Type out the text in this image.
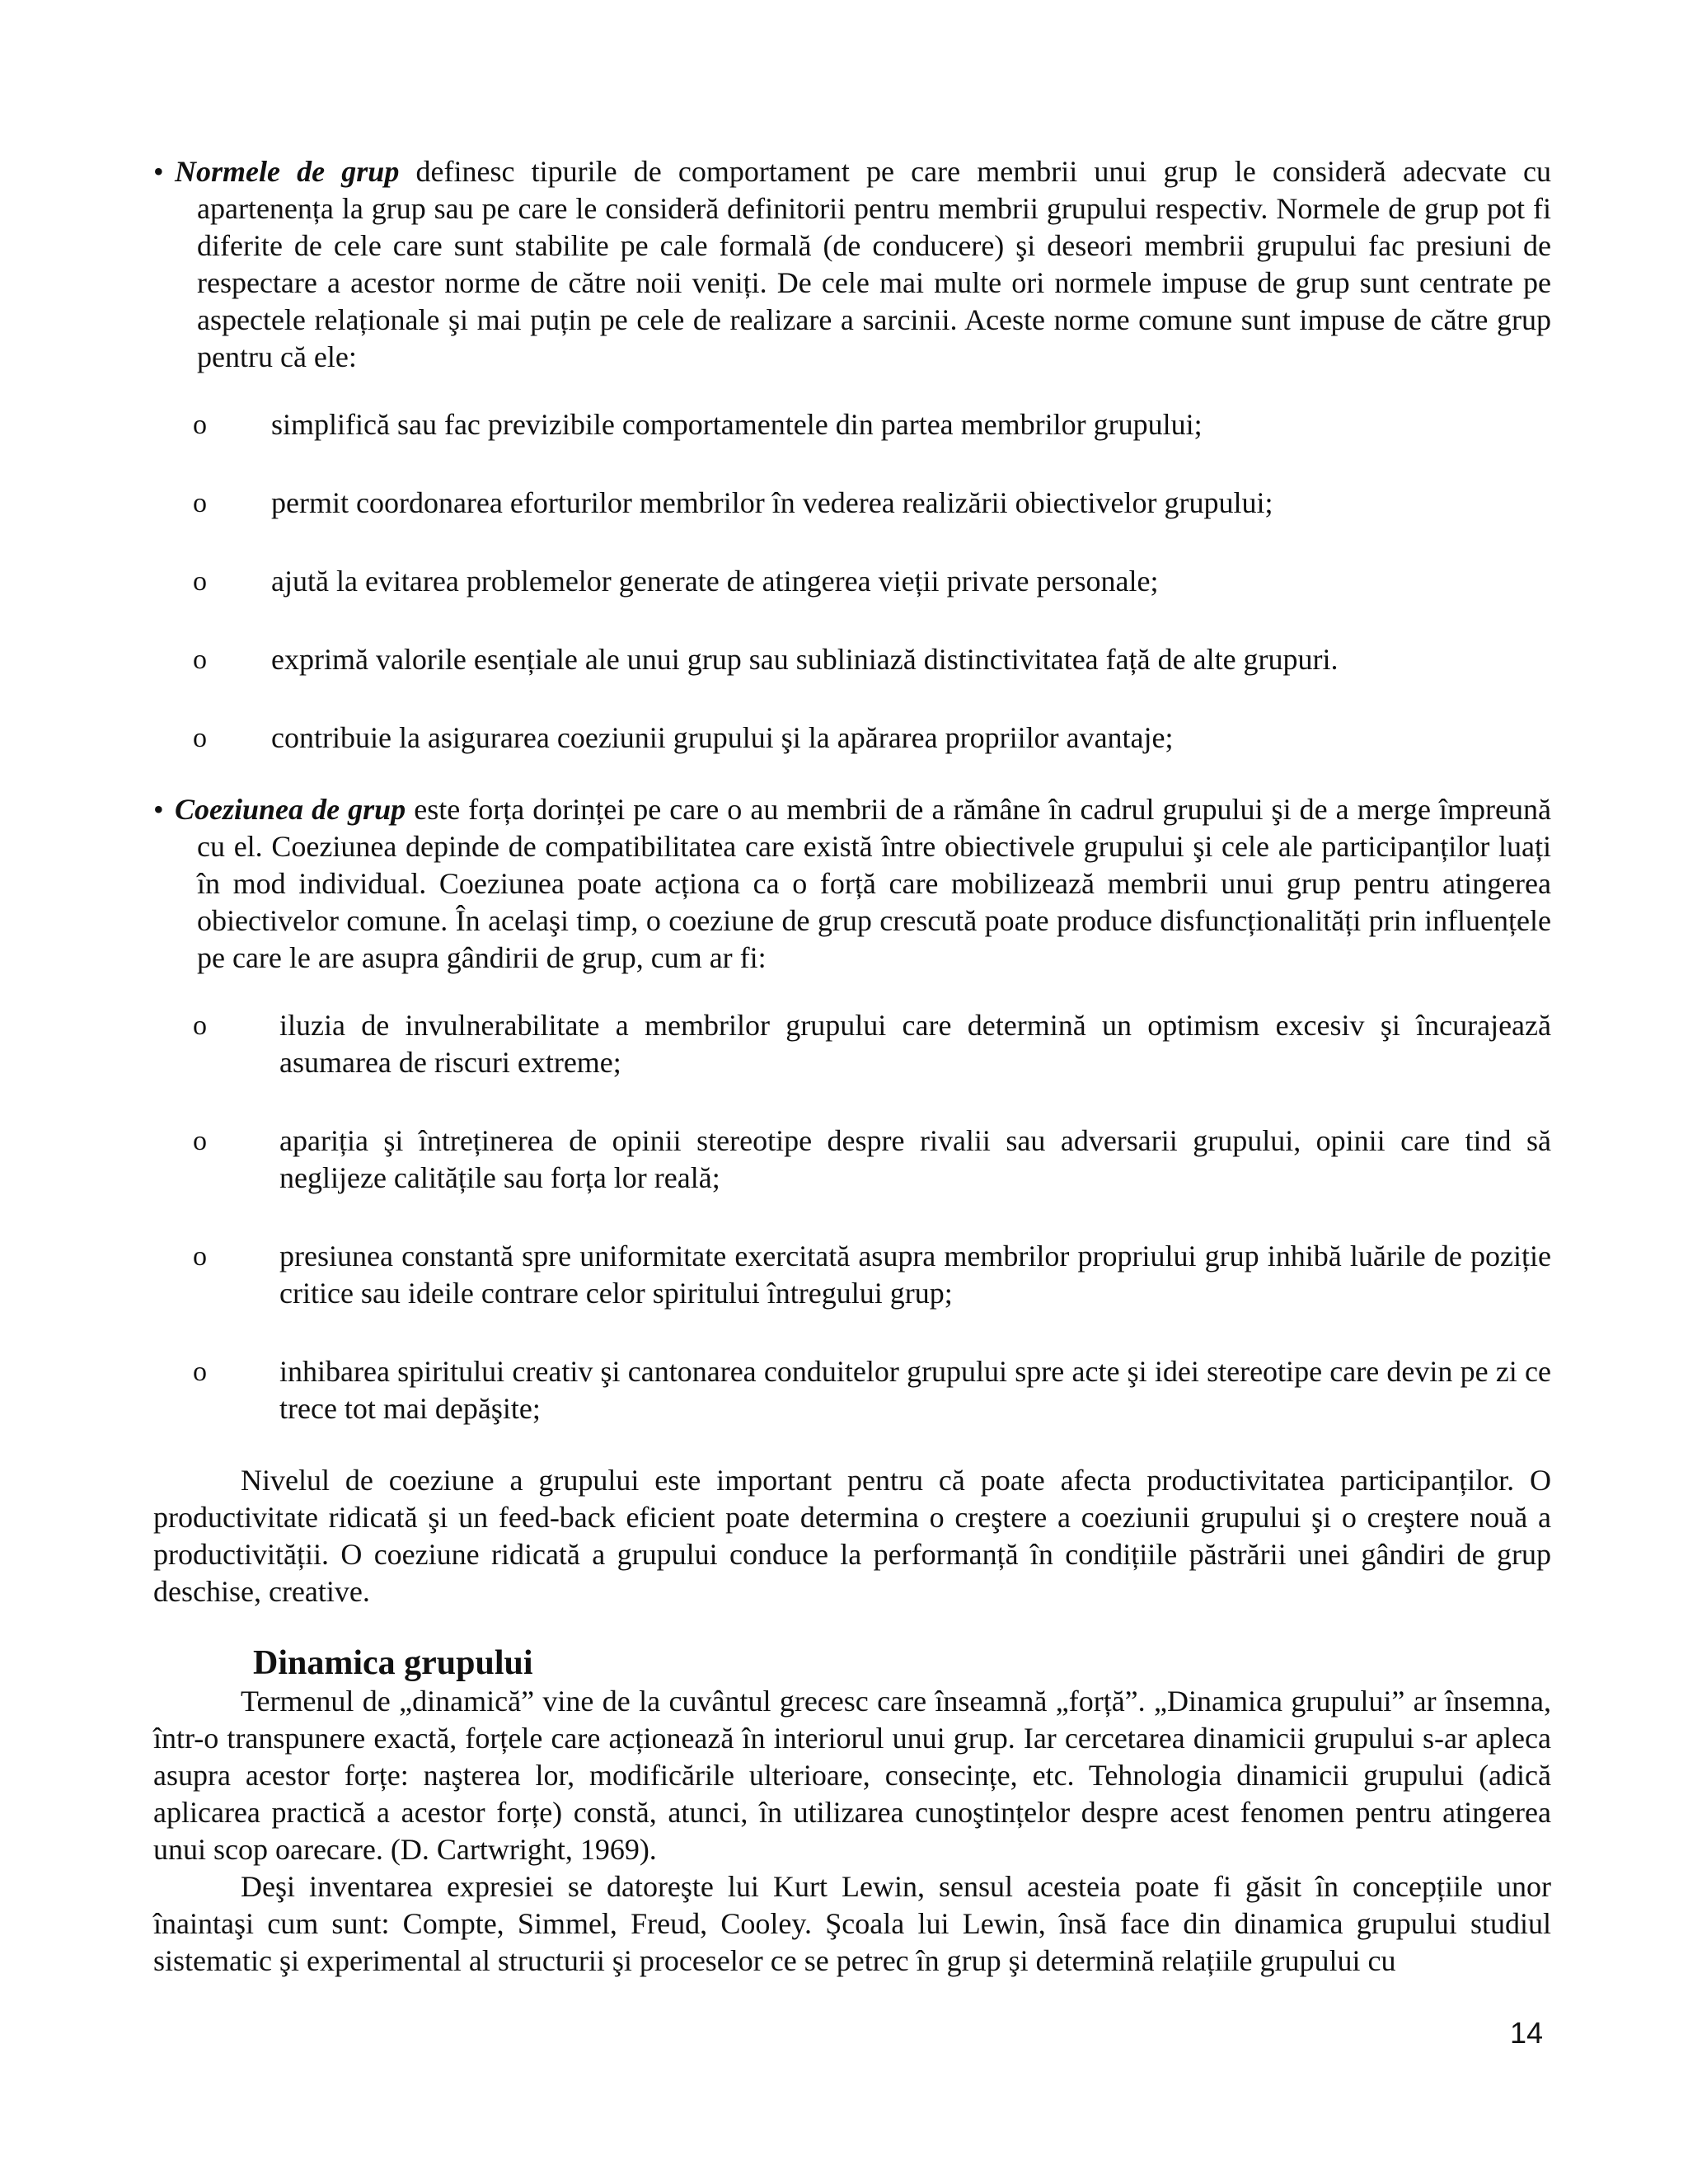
• Normele de grup definesc tipurile de comportament pe care membrii unui grup le consideră adecvate cu apartenența la grup sau pe care le consideră definitorii pentru membrii grupului respectiv. Normele de grup pot fi diferite de cele care sunt stabilite pe cale formală (de conducere) şi deseori membrii grupului fac presiuni de respectare a acestor norme de către noii veniți. De cele mai multe ori normele impuse de grup sunt centrate pe aspectele relaționale şi mai puțin pe cele de realizare a sarcinii. Aceste norme comune sunt impuse de către grup pentru că ele:

o simplifică sau fac previzibile comportamentele din partea membrilor grupului;
o permit coordonarea eforturilor membrilor în vederea realizării obiectivelor grupului;
o ajută la evitarea problemelor generate de atingerea vieții private personale;
o exprimă valorile esențiale ale unui grup sau subliniază distinctivitatea față de alte grupuri.
o contribuie la asigurarea coeziunii grupului şi la apărarea propriilor avantaje;

• Coeziunea de grup este forța dorinței pe care o au membrii de a rămâne în cadrul grupului şi de a merge împreună cu el. Coeziunea depinde de compatibilitatea care există între obiectivele grupului şi cele ale participanților luați în mod individual. Coeziunea poate acționa ca o forță care mobilizează membrii unui grup pentru atingerea obiectivelor comune. În acelaşi timp, o coeziune de grup crescută poate produce disfuncționalități prin influențele pe care le are asupra gândirii de grup, cum ar fi:

o iluzia de invulnerabilitate a membrilor grupului care determină un optimism excesiv şi încurajează asumarea de riscuri extreme;
o apariția şi întreținerea de opinii stereotipe despre rivalii sau adversarii grupului, opinii care tind să neglijeze calitățile sau forța lor reală;
o presiunea constantă spre uniformitate exercitată asupra membrilor propriului grup inhibă luările de poziție critice sau ideile contrare celor spiritului întregului grup;
o inhibarea spiritului creativ şi cantonarea conduitelor grupului spre acte şi idei stereotipe care devin pe zi ce trece tot mai depăşite;

Nivelul de coeziune a grupului este important pentru că poate afecta productivitatea participanților. O productivitate ridicată şi un feed-back eficient poate determina o creştere a coeziunii grupului şi o creştere nouă a productivității. O coeziune ridicată a grupului conduce la performanță în condițiile păstrării unei gândiri de grup deschise, creative.

Dinamica grupului

Termenul de „dinamică” vine de la cuvântul grecesc care înseamnă „forță”. „Dinamica grupului” ar însemna, într-o transpunere exactă, forțele care acționează în interiorul unui grup. Iar cercetarea dinamicii grupului s-ar apleca asupra acestor forțe: naşterea lor, modificările ulterioare, consecințe, etc. Tehnologia dinamicii grupului (adică aplicarea practică a acestor forțe) constă, atunci, în utilizarea cunoştințelor despre acest fenomen pentru atingerea unui scop oarecare. (D. Cartwright, 1969).

Deşi inventarea expresiei se datoreşte lui Kurt Lewin, sensul acesteia poate fi găsit în concepțiile unor înaintaşi cum sunt: Compte, Simmel, Freud, Cooley. Şcoala lui Lewin, însă face din dinamica grupului studiul sistematic şi experimental al structurii şi proceselor ce se petrec în grup şi determină relațiile grupului cu

14
